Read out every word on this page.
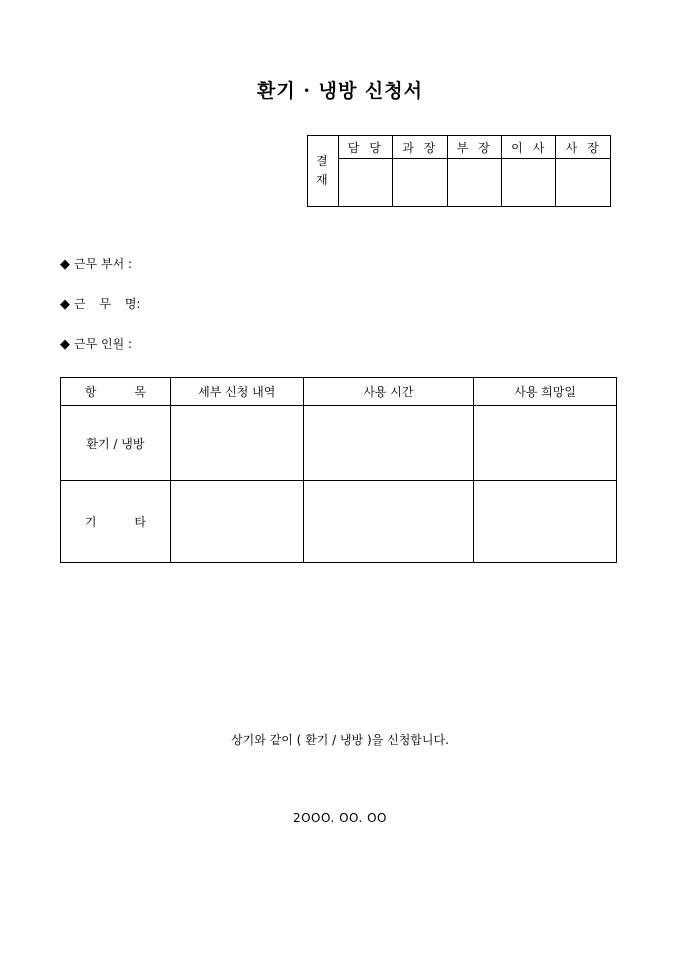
환기 · 냉방 신청서
결
재	담당	과장	부장	이사	사장

◆ 근무 부서 :
◆ 근 무 명:
◆ 근무 인원 :
항 목	세부 신청 내역	사용 시간	사용 희망일
환기 / 냉방			
기 타			
상기와 같이 ( 환기 / 냉방 )을 신청합니다.
2OOO. OO. OO
